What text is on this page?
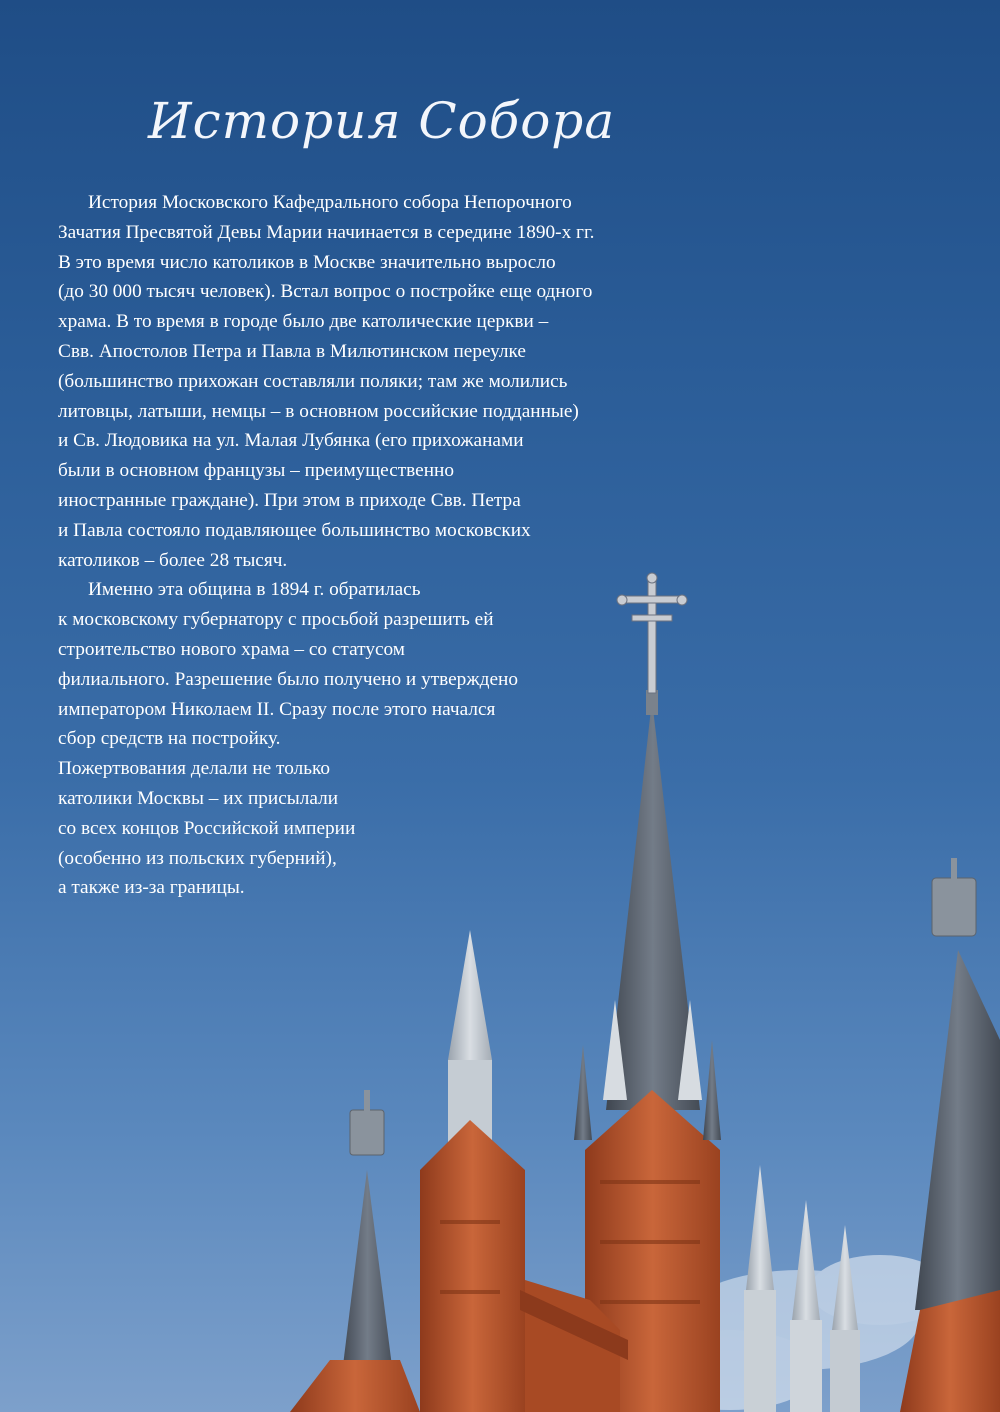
История Собора
История Московского Кафедрального собора Непорочного
Зачатия Пресвятой Девы Марии начинается в середине 1890-х гг.
В это время число католиков в Москве значительно выросло
(до 30 000 тысяч человек). Встал вопрос о постройке еще одного
храма. В то время в городе было две католические церкви –
Свв. Апостолов Петра и Павла в Милютинском переулке
(большинство прихожан составляли поляки; там же молились
литовцы, латыши, немцы – в основном российские подданные)
и Св. Людовика на ул. Малая Лубянка (его прихожанами
были в основном французы – преимущественно
иностранные граждане). При этом в приходе Свв. Петра
и Павла состояло подавляющее большинство московских
католиков – более 28 тысяч.
Именно эта община в 1894 г. обратилась
к московскому губернатору с просьбой разрешить ей
строительство нового храма – со статусом
филиального. Разрешение было получено и утверждено
императором Николаем II. Сразу после этого начался
сбор средств на постройку.
Пожертвования делали не только
католики Москвы – их присылали
со всех концов Российской империи
(особенно из польских губерний),
а также из-за границы.
